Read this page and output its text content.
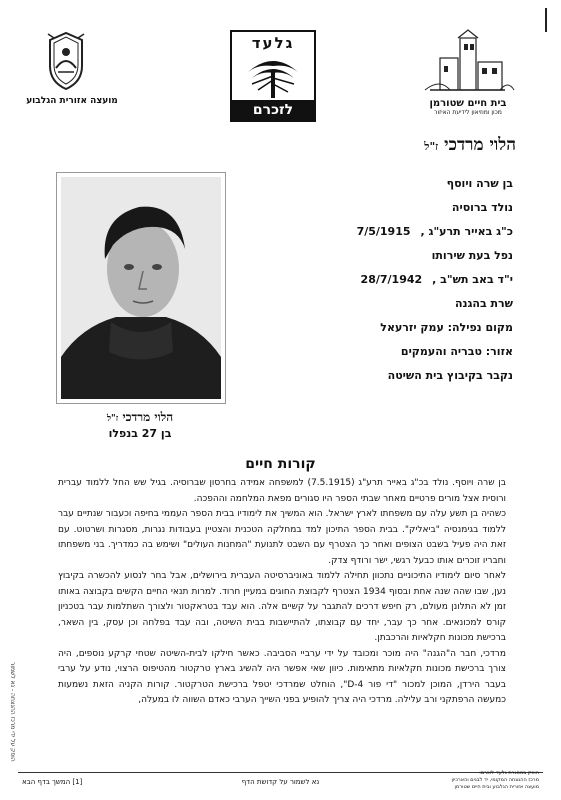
מועצה אזורית הגלבוע
גלעד
לזכרם	בית חיים שטורמן
מכון ומוזיאון לידיעת האיזור
הלוי מרדכי ז"ל
בן שרה ויוסף
נולד ברוסיה
כ"ג באייר תרע"ג ,7/5/1915
נפל בעת שירותו
י"ד באב תש"ב ,28/7/1942
שרת בהגנה
מקום נפילה: עמק יזרעאל
אזור: טבריה והעמקים
נקבר בקיבוץ בית השיטה
הלוי מרדכי ז"ל
בן 27 בנפלו
קורות חיים

בן שרה ויוסף. נולד בכ"ג באייר תרע"ג (7.5.1915) למשפחה אמידה בחרסון שברוסיה. בגיל שש החל ללמוד עברית ורוסית אצל מורים פרטיים מאחר שבתי הספר היו סגורים מפאת המלחמה וההפכה.

כשהיה בן תשע עלה עם משפחתו לארץ ישראל. הוא המשיך את לימודיו בבית הספר העממי בחיפה וכעבור שנתיים עבר ללמוד בגימנסיה "ביאליק". בבית הספר התיכון למד במחלקה הטכנית והצטיין בעבודות נגרות, מסגרות ושרטוט. עם זאת היה פעיל בשבט הצופים ואחר כך הצטרף עם השבט לתנועת "המחנות העולים" ושימש בה כמדריך. בני משפחתו וחבריו זוכרים אותו כבעל רגשי, ישר ורודף צדק.

לאחר סיום לימודיו התיכוניים נתכוון תחילה ללמוד באוניברסיטה העברית בירושלים, אבל בחר לנסוע להכשרה בקיבוץ נען, שבו שהה שנה אחת ובסוף 1934 הצטרף לקבוצת החוגים במעיין חרוד. למרות תנאי החיים הקשים בקבוצה באותו זמן לא התלונן מעולם, רק חיפש דרכים להתגבר על קשיים אלה. הוא עבד בטראקטור ולצורך השתלמות עבר בטכניון קורס למכונאים. אחר כך עבר, יחד עם קבוצתו, להתיישבות בבית השיטה, ובה עבד בפלחה וכן עסק, בין השאר, ברכישת מכונות חקלאיות והרכבתן.

מרדכי, חבר ה"הגנה" היה מוכר ומכובד על ידי ערביי הסביבה. כאשר חילקו לבית-השיטה שטחי קרקע נוספים, היה צורך ברכישת מכונות חקלאיות מתאימות. כיוון שאי אפשר היה להשיג בארץ טרקטור מהטיפוס הרצוי, נודע על ערבי בעבר הירדן, המוכן למכור "די פור D-4", הוחלט שמרדכי יטפל ברכישת הטרקטור. קורות הקניה הזאת נשמעות כמעשה הרפתקני ורב עלילה. מרדכי היה צריך להופיע בפני השייך הערבי כאדם השווה לו במעלה,

הופק על ידי מרכז ההנצחה - נא לשמור
[1] המשך בדף הבא	נא לשמור על קדושת הדף
הופק במסגרת גלעד-לזכרם:
מרכז ההנצחה המקומי, יד לבנים והארכיון
מועצה אזורית הגלבוע ובית חיים שטורמן
